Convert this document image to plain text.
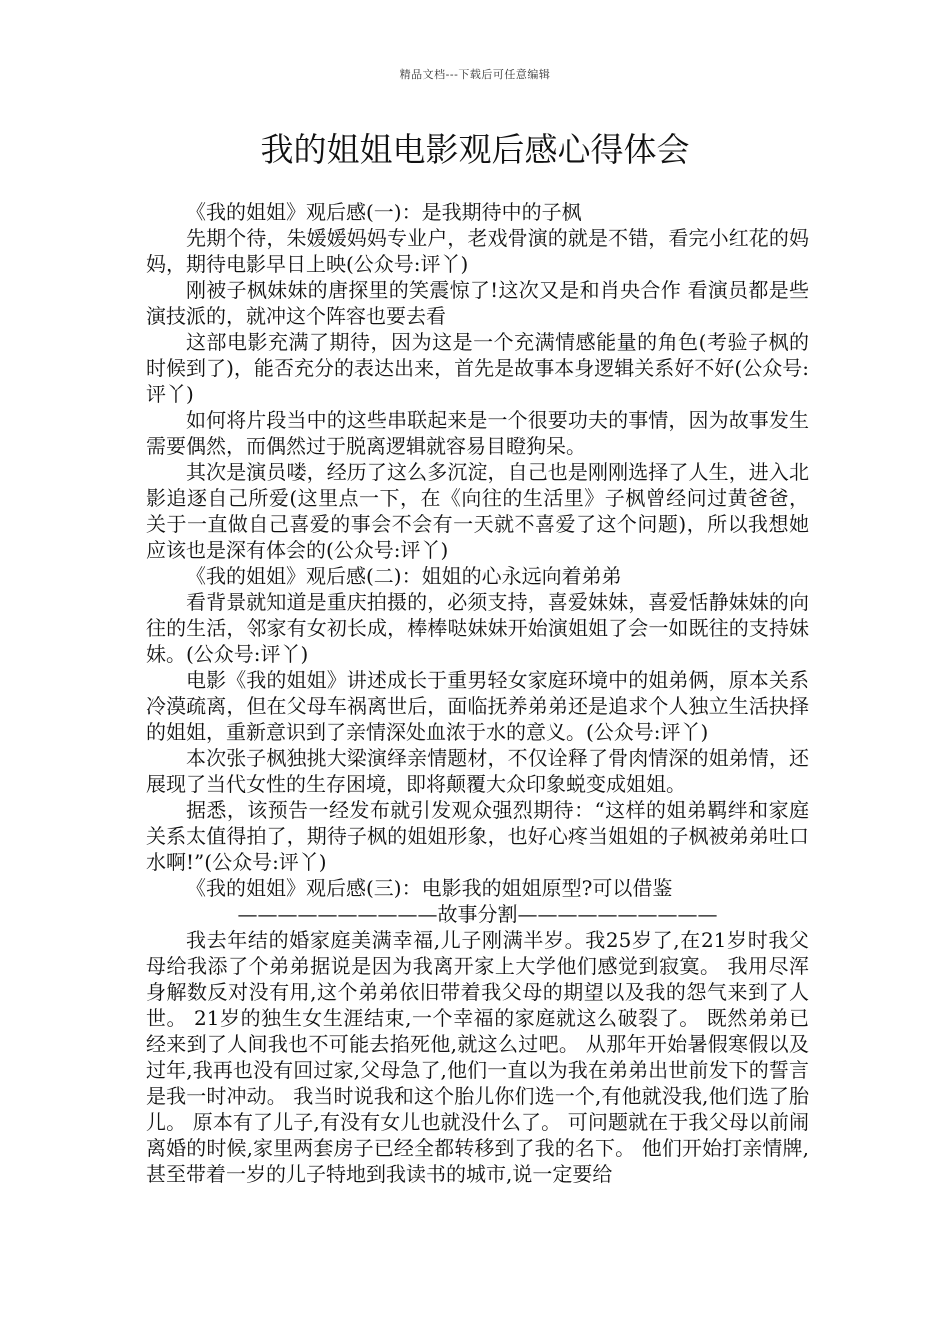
精品文档---下载后可任意编辑
我的姐姐电影观后感心得体会

《我的姐姐》观后感(一)：是我期待中的子枫

先期个待，朱媛媛妈妈专业户，老戏骨演的就是不错，看完小红花的妈妈，期待电影早日上映(公众号:评丫)

刚被子枫妹妹的唐探里的笑震惊了!这次又是和肖央合作 看演员都是些演技派的，就冲这个阵容也要去看

这部电影充满了期待，因为这是一个充满情感能量的角色(考验子枫的时候到了)，能否充分的表达出来，首先是故事本身逻辑关系好不好(公众号:评丫)

如何将片段当中的这些串联起来是一个很要功夫的事情，因为故事发生需要偶然，而偶然过于脱离逻辑就容易目瞪狗呆。

其次是演员喽，经历了这么多沉淀，自己也是刚刚选择了人生，进入北影追逐自己所爱(这里点一下，在《向往的生活里》子枫曾经问过黄爸爸，关于一直做自己喜爱的事会不会有一天就不喜爱了这个问题)，所以我想她应该也是深有体会的(公众号:评丫)

《我的姐姐》观后感(二)：姐姐的心永远向着弟弟

看背景就知道是重庆拍摄的，必须支持，喜爱妹妹，喜爱恬静妹妹的向往的生活，邻家有女初长成，棒棒哒妹妹开始演姐姐了会一如既往的支持妹妹。(公众号:评丫)

电影《我的姐姐》讲述成长于重男轻女家庭环境中的姐弟俩，原本关系冷漠疏离，但在父母车祸离世后，面临抚养弟弟还是追求个人独立生活抉择的姐姐，重新意识到了亲情深处血浓于水的意义。(公众号:评丫)

本次张子枫独挑大梁演绎亲情题材，不仅诠释了骨肉情深的姐弟情，还展现了当代女性的生存困境，即将颠覆大众印象蜕变成姐姐。

据悉，该预告一经发布就引发观众强烈期待：“这样的姐弟羁绊和家庭关系太值得拍了，期待子枫的姐姐形象，也好心疼当姐姐的子枫被弟弟吐口水啊!”(公众号:评丫)

《我的姐姐》观后感(三)：电影我的姐姐原型?可以借鉴

——————————故事分割——————————

我去年结的婚家庭美满幸福,儿子刚满半岁。我25岁了,在21岁时我父母给我添了个弟弟据说是因为我离开家上大学他们感觉到寂寞。 我用尽浑身解数反对没有用,这个弟弟依旧带着我父母的期望以及我的怨气来到了人世。 21岁的独生女生涯结束,一个幸福的家庭就这么破裂了。 既然弟弟已经来到了人间我也不可能去掐死他,就这么过吧。 从那年开始暑假寒假以及过年,我再也没有回过家,父母急了,他们一直以为我在弟弟出世前发下的誓言是我一时冲动。 我当时说我和这个胎儿你们选一个,有他就没我,他们选了胎儿。 原本有了儿子,有没有女儿也就没什么了。 可问题就在于我父母以前闹离婚的时候,家里两套房子已经全都转移到了我的名下。 他们开始打亲情牌,甚至带着一岁的儿子特地到我读书的城市,说一定要给
